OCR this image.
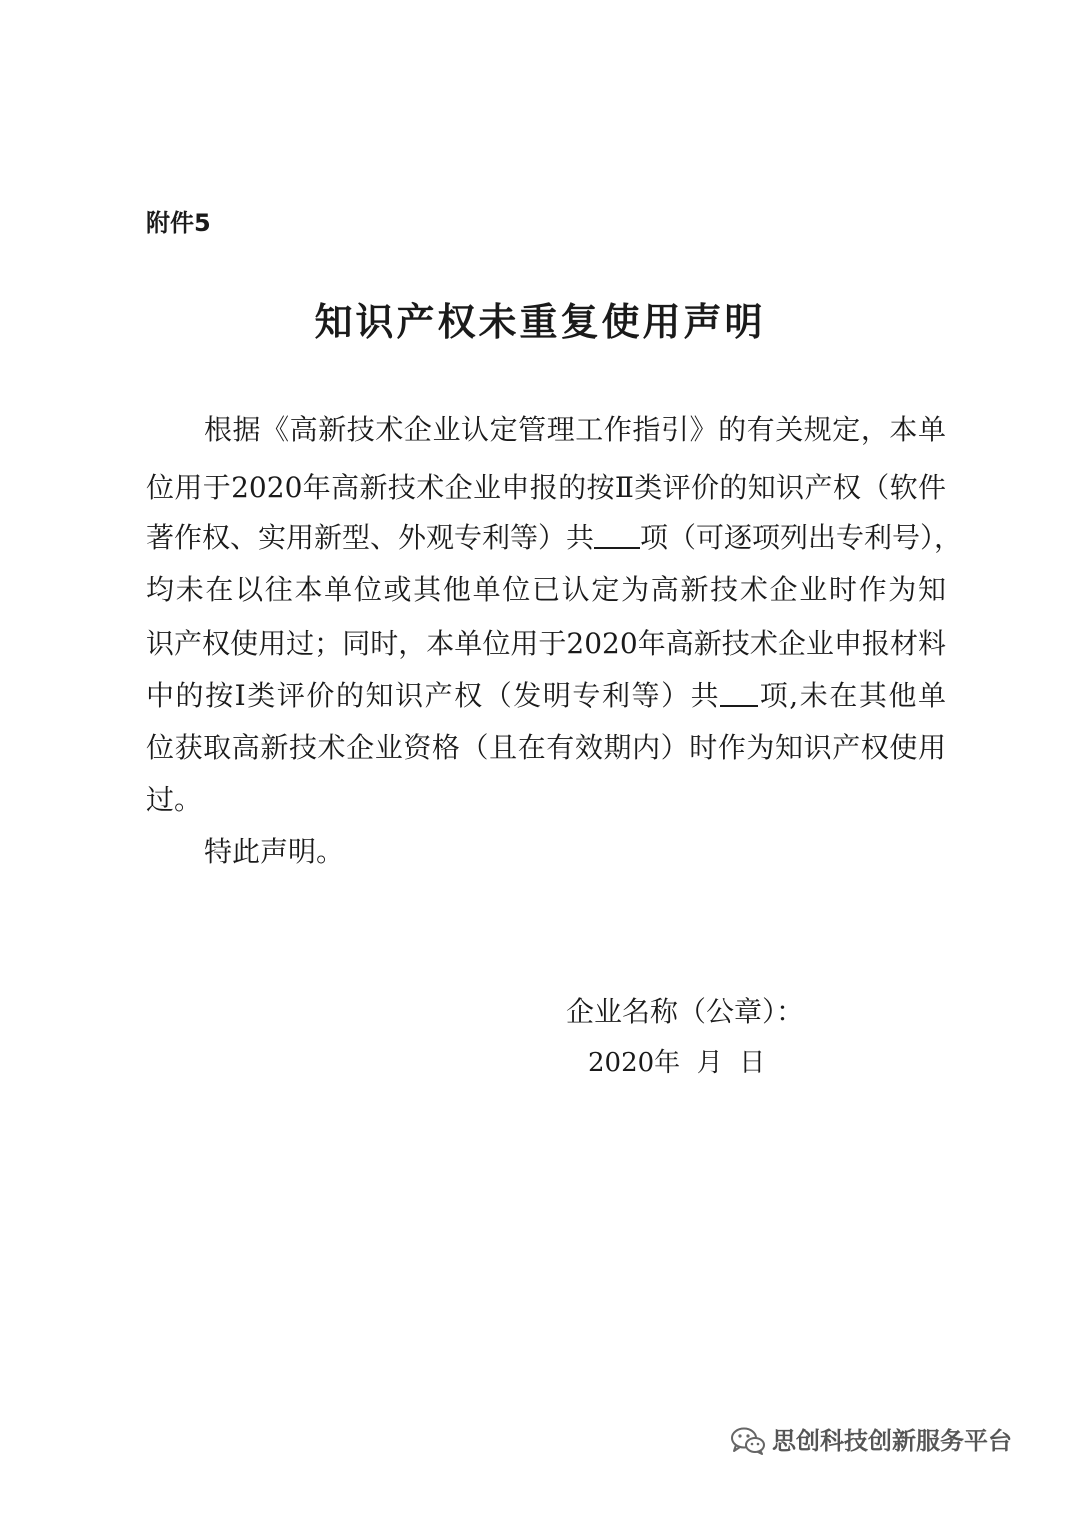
附件5
知识产权未重复使用声明
根据《高新技术企业认定管理工作指引》的有关规定，本单
位用于2020年高新技术企业申报的按Ⅱ类评价的知识产权（软件
著作权、实用新型、外观专利等）共 项（可逐项列出专利号），
均未在以往本单位或其他单位已认定为高新技术企业时作为知
识产权使用过；同时，本单位用于2020年高新技术企业申报材料
中的按Ⅰ类评价的知识产权（发明专利等）共 项,未在其他单
位获取高新技术企业资格（且在有效期内）时作为知识产权使用
过。
特此声明。
企业名称（公章）：
2020年  月  日
思创科技创新服务平台
